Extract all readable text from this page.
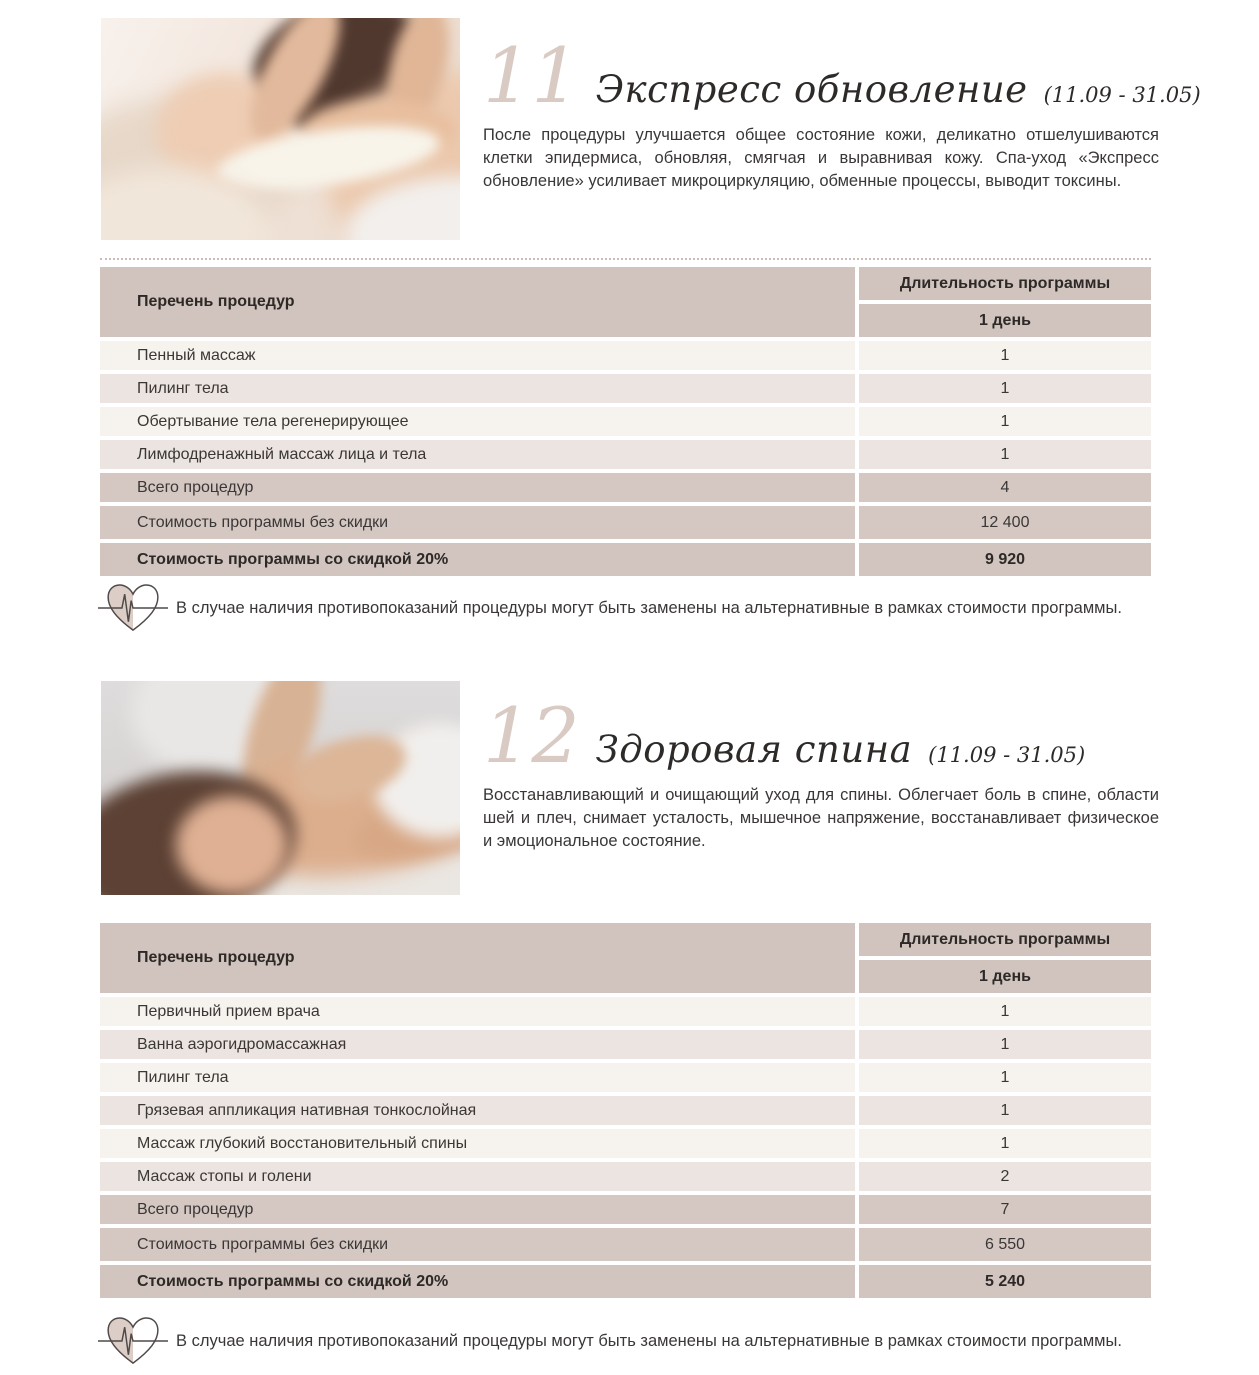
11 Экспресс обновление (11.09 - 31.05)
После процедуры улучшается общее состояние кожи, деликатно отшелушиваются клетки эпидермиса, обновляя, смягчая и выравнивая кожу. Спа-уход «Экспресс обновление» усиливает микроциркуляцию, обменные процессы, выводит токсины.
Перечень процедур
Длительность программы
1 день
Пенный массаж	1
Пилинг тела	1
Обертывание тела регенерирующее	1
Лимфодренажный массаж лица и тела	1
Всего процедур	4
Стоимость программы без скидки	12 400
Стоимость программы со скидкой 20%	9 920
В случае наличия противопоказаний процедуры могут быть заменены на альтернативные в рамках стоимости программы.
12 Здоровая спина (11.09 - 31.05)
Восстанавливающий и очищающий уход для спины. Облегчает боль в спине, области шей и плеч, снимает усталость, мышечное напряжение, восстанавливает физическое и эмоциональное состояние.
Перечень процедур
Длительность программы
1 день
Первичный прием врача	1
Ванна аэрогидромассажная	1
Пилинг тела	1
Грязевая аппликация нативная тонкослойная	1
Массаж глубокий восстановительный спины	1
Массаж стопы и голени	2
Всего процедур	7
Стоимость программы без скидки	6 550
Стоимость программы со скидкой 20%	5 240
В случае наличия противопоказаний процедуры могут быть заменены на альтернативные в рамках стоимости программы.
